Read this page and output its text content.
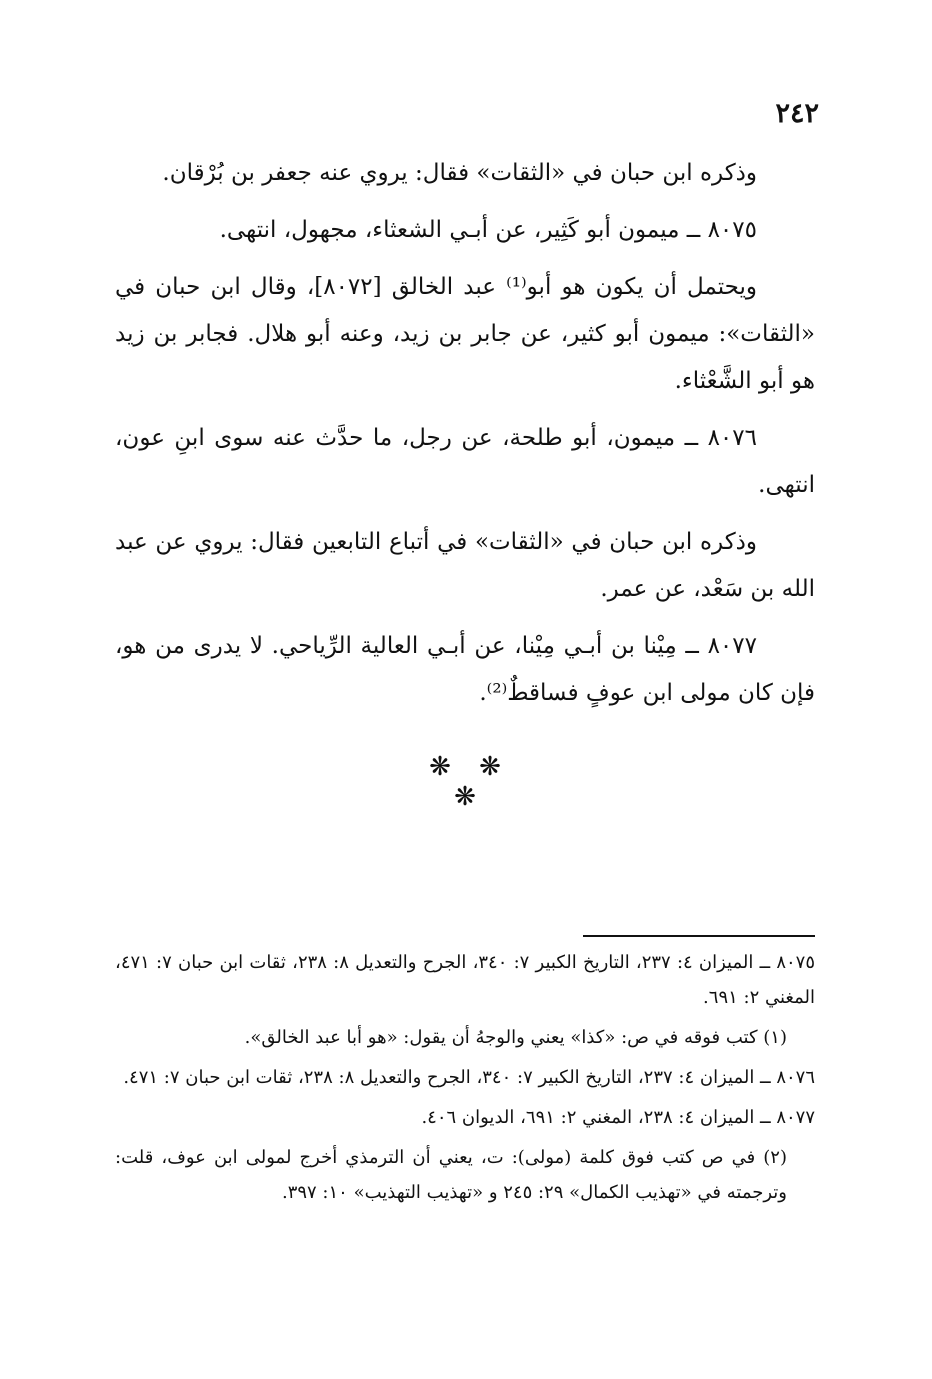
٢٤٢

وذكره ابن حبان في «الثقات» فقال: يروي عنه جعفر بن بُرْقان.

٨٠٧٥ ــ ميمون أبو كَثِير، عن أبـي الشعثاء، مجهول، انتهى.

ويحتمل أن يكون هو أبو⁽¹⁾ عبد الخالق [٨٠٧٢]، وقال ابن حبان في «الثقات»: ميمون أبو كثير، عن جابر بن زيد، وعنه أبو هلال. فجابر بن زيد هو أبو الشَّعْثاء.

٨٠٧٦ ــ ميمون، أبو طلحة، عن رجل، ما حدَّث عنه سوى ابنِ عون، انتهى.

وذكره ابن حبان في «الثقات» في أتباع التابعين فقال: يروي عن عبد الله بن سَعْد، عن عمر.

٨٠٧٧ ــ مِيْنا بن أبـي مِيْنا، عن أبـي العالية الرِّياحي. لا يدرى من هو، فإن كان مولى ابن عوفٍ فساقطٌ⁽²⁾.

❋ ❋ ❋

٨٠٧٥ ــ الميزان ٤: ٢٣٧، التاريخ الكبير ٧: ٣٤٠، الجرح والتعديل ٨: ٢٣٨، ثقات ابن حبان ٧: ٤٧١، المغني ٢: ٦٩١.

(١) كتب فوقه في ص: «كذا» يعني والوجهُ أن يقول: «هو أبا عبد الخالق».

٨٠٧٦ ــ الميزان ٤: ٢٣٧، التاريخ الكبير ٧: ٣٤٠، الجرح والتعديل ٨: ٢٣٨، ثقات ابن حبان ٧: ٤٧١.

٨٠٧٧ ــ الميزان ٤: ٢٣٨، المغني ٢: ٦٩١، الديوان ٤٠٦.

(٢) في ص كتب فوق كلمة (مولى): ت، يعني أن الترمذي أخرج لمولى ابن عوف، قلت: وترجمته في «تهذيب الكمال» ٢٩: ٢٤٥ و «تهذيب التهذيب» ١٠: ٣٩٧.
